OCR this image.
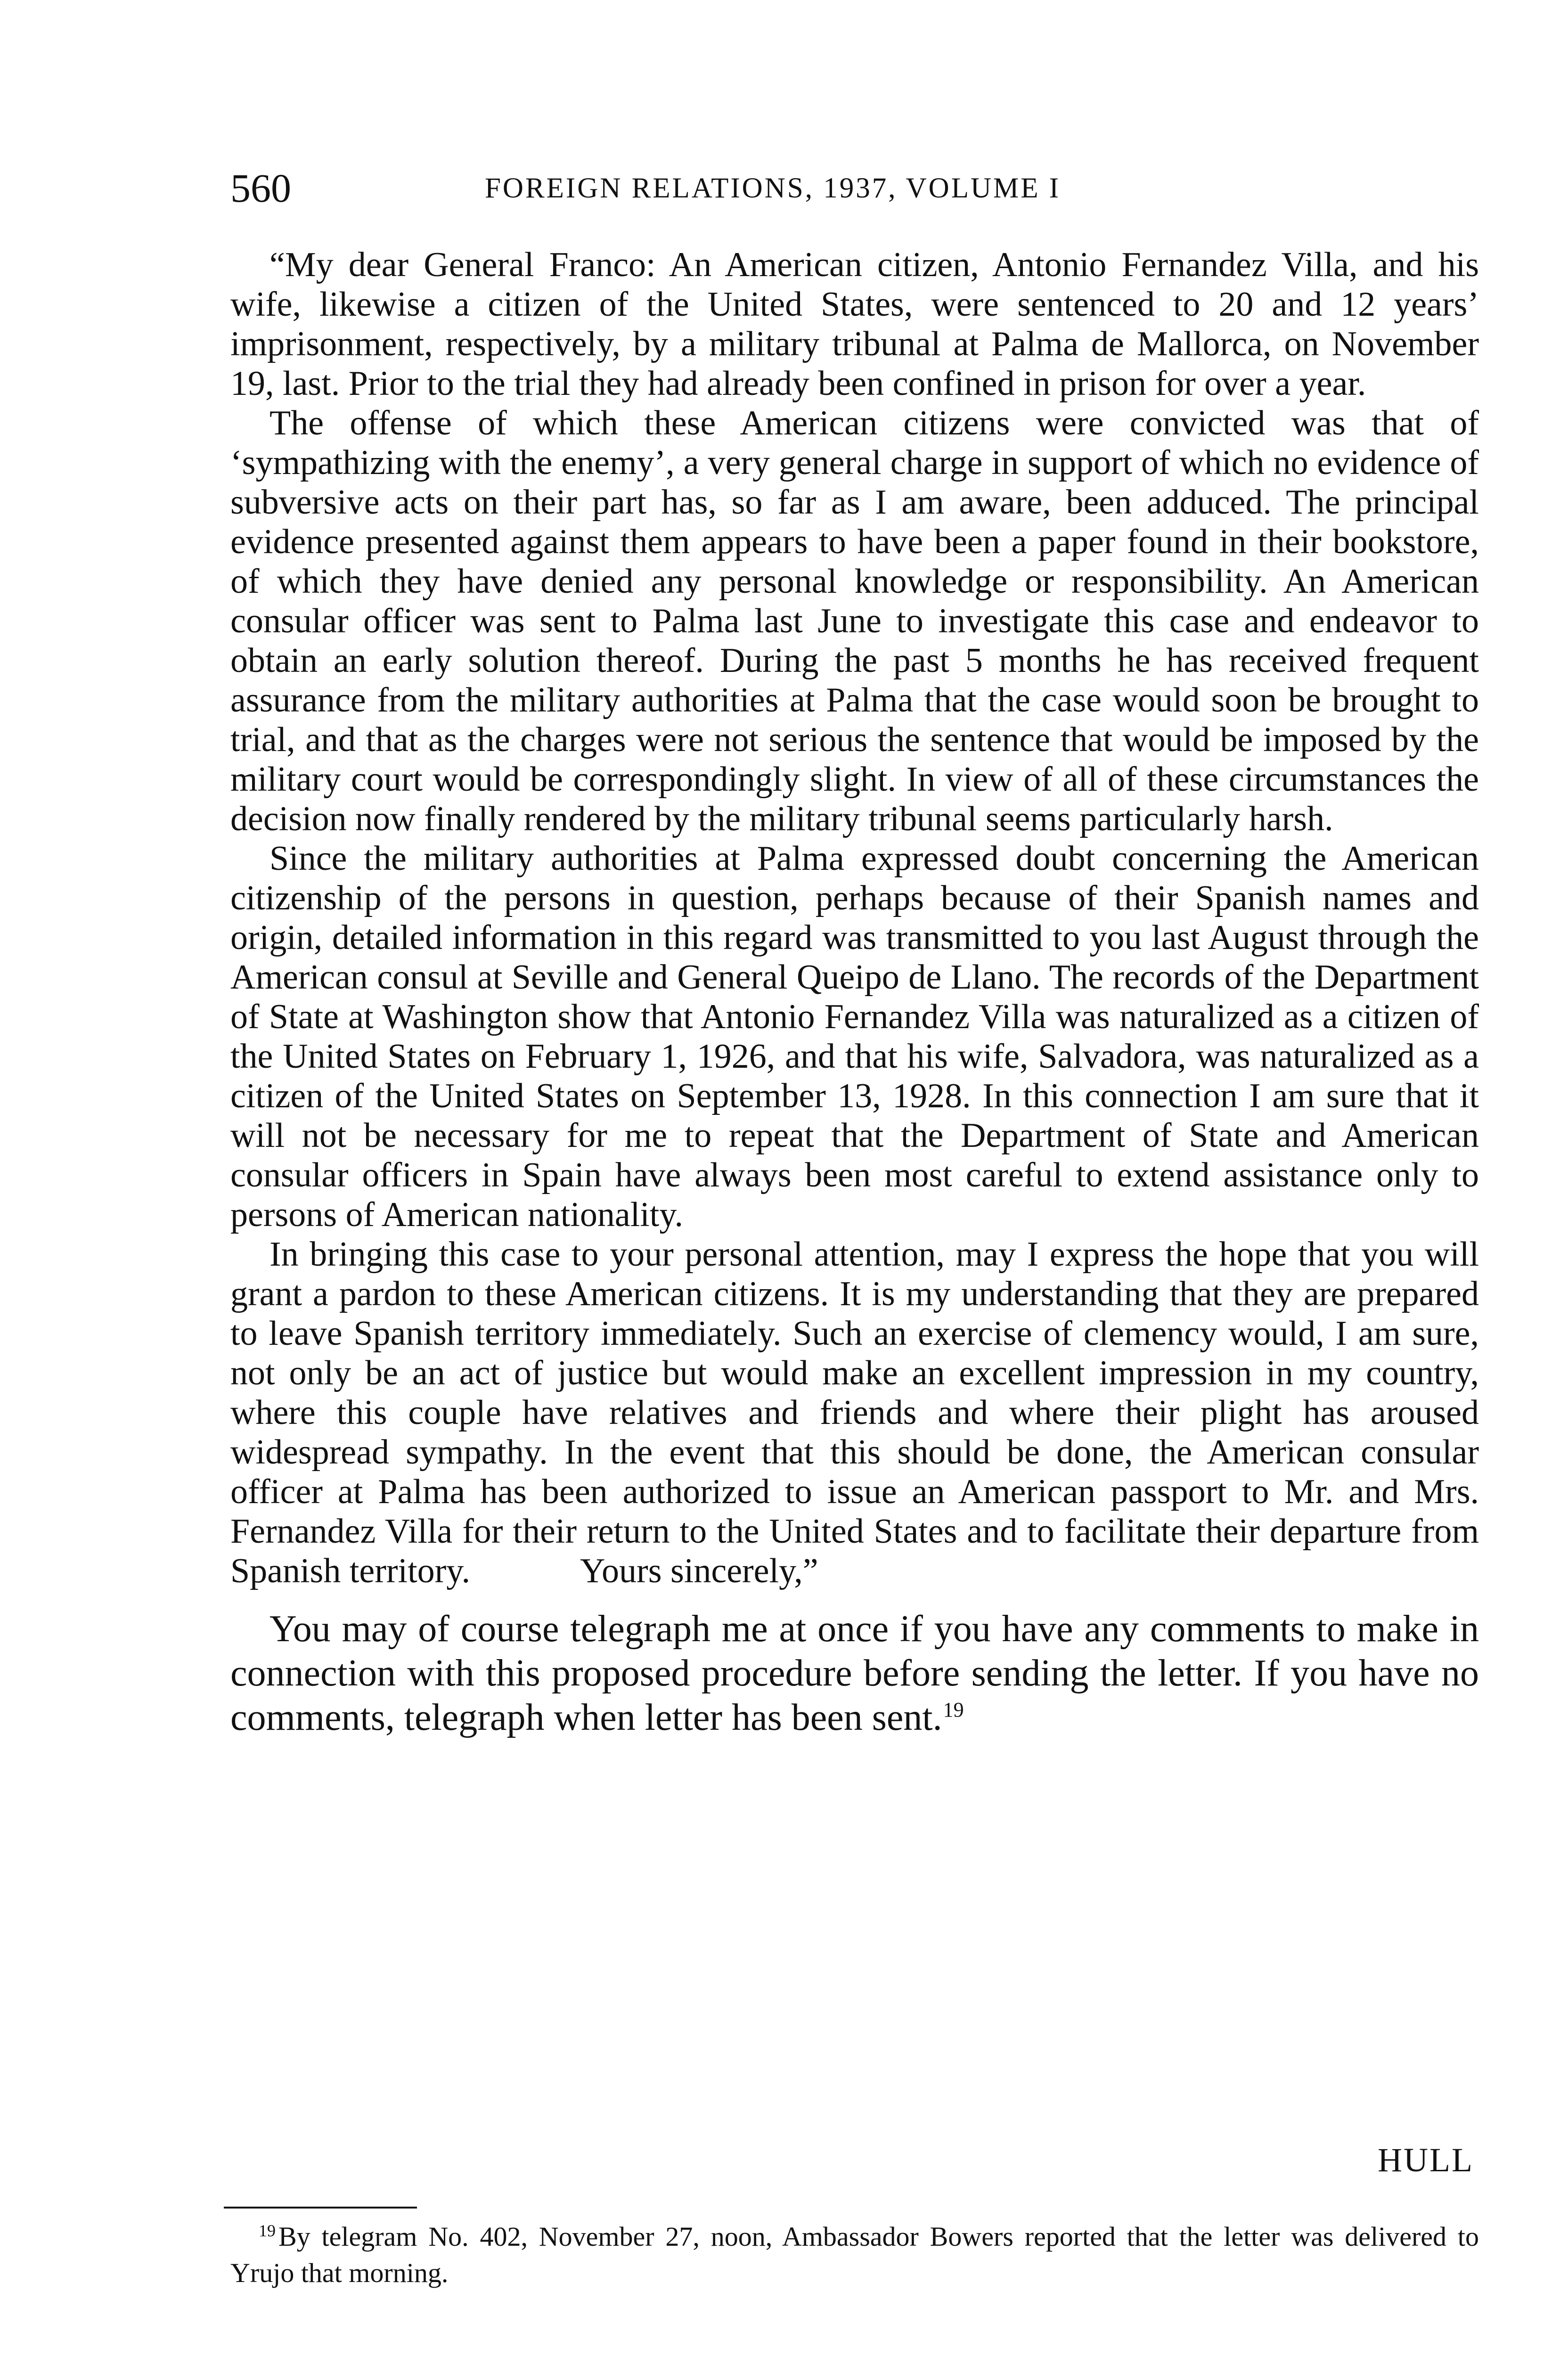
560	FOREIGN RELATIONS, 1937, VOLUME I

“My dear General Franco: An American citizen, Antonio Fernandez Villa, and his wife, likewise a citizen of the United States, were sentenced to 20 and 12 years’ imprisonment, respectively, by a military tribunal at Palma de Mallorca, on November 19, last. Prior to the trial they had already been confined in prison for over a year.

The offense of which these American citizens were convicted was that of ‘sympathizing with the enemy’, a very general charge in support of which no evidence of subversive acts on their part has, so far as I am aware, been adduced. The principal evidence presented against them appears to have been a paper found in their bookstore, of which they have denied any personal knowledge or responsibility. An American consular officer was sent to Palma last June to investigate this case and endeavor to obtain an early solution thereof. During the past 5 months he has received frequent assurance from the military authorities at Palma that the case would soon be brought to trial, and that as the charges were not serious the sentence that would be imposed by the military court would be correspondingly slight. In view of all of these circumstances the decision now finally rendered by the military tribunal seems particularly harsh.

Since the military authorities at Palma expressed doubt concerning the American citizenship of the persons in question, perhaps because of their Spanish names and origin, detailed information in this regard was transmitted to you last August through the American consul at Seville and General Queipo de Llano. The records of the Department of State at Washington show that Antonio Fernandez Villa was naturalized as a citizen of the United States on February 1, 1926, and that his wife, Salvadora, was naturalized as a citizen of the United States on September 13, 1928. In this connection I am sure that it will not be necessary for me to repeat that the Department of State and American consular officers in Spain have always been most careful to extend assistance only to persons of American nationality.

In bringing this case to your personal attention, may I express the hope that you will grant a pardon to these American citizens. It is my understanding that they are prepared to leave Spanish territory immediately. Such an exercise of clemency would, I am sure, not only be an act of justice but would make an excellent impression in my country, where this couple have relatives and friends and where their plight has aroused widespread sympathy. In the event that this should be done, the American consular officer at Palma has been authorized to issue an American passport to Mr. and Mrs. Fernandez Villa for their return to the United States and to facilitate their departure from Spanish territory.	Yours sincerely,”

You may of course telegraph me at once if you have any comments to make in connection with this proposed procedure before sending the letter. If you have no comments, telegraph when letter has been sent.$^{19}$

HULL

$^{19}$ By telegram No. 402, November 27, noon, Ambassador Bowers reported that the letter was delivered to Yrujo that morning.
